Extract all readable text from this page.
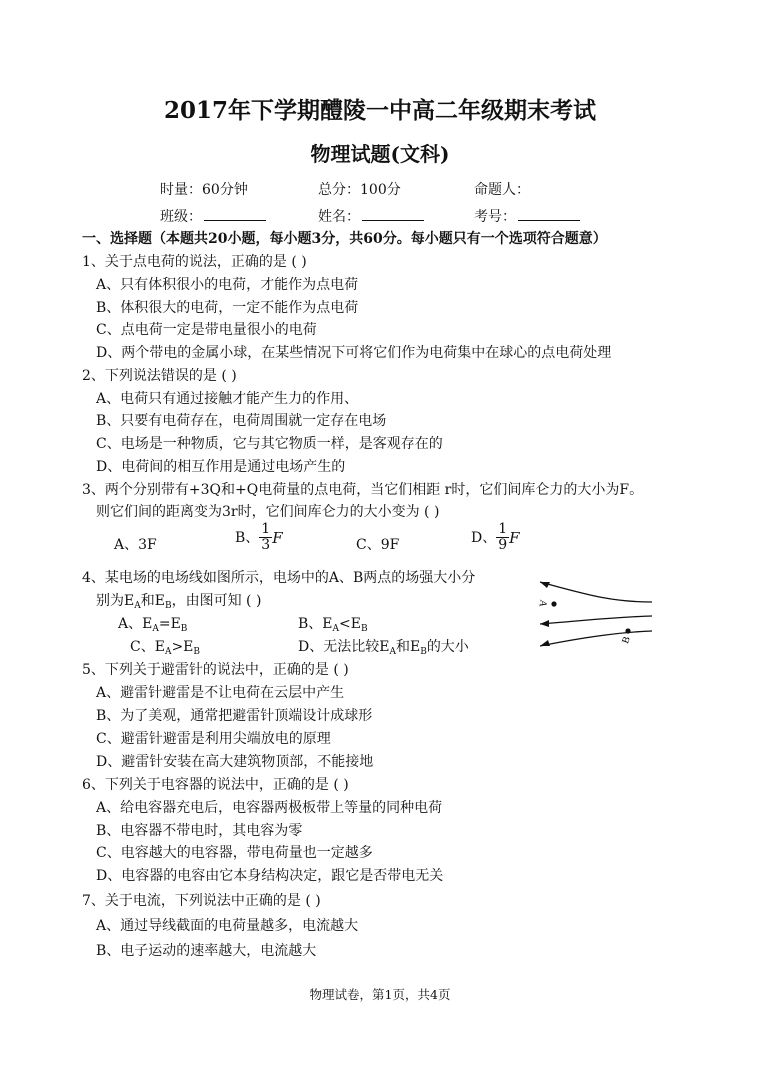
2017年下学期醴陵一中高二年级期末考试
物理试题(文科)
时量：60分钟	总分：100分	命题人：
班级：	姓名：	考号：
一、选择题（本题共20小题，每小题3分，共60分。每小题只有一个选项符合题意）
1、关于点电荷的说法，正确的是 ( )
A、只有体积很小的电荷，才能作为点电荷
B、体积很大的电荷，一定不能作为点电荷
C、点电荷一定是带电量很小的电荷
D、两个带电的金属小球，在某些情况下可将它们作为电荷集中在球心的点电荷处理
2、下列说法错误的是 ( )
A、电荷只有通过接触才能产生力的作用、
B、只要有电荷存在，电荷周围就一定存在电场
C、电场是一种物质，它与其它物质一样，是客观存在的
D、电荷间的相互作用是通过电场产生的
3、两个分别带有+3Q和+Q电荷量的点电荷，当它们相距 r时，它们间库仑力的大小为F。
则它们间的距离变为3r时，它们间库仑力的大小变为 ( )
A、3F	B、 $\frac{1}{3}$ F	C、9F	D、 $\frac{1}{9}$ F
4、某电场的电场线如图所示，电场中的A、B两点的场强大小分
别为$E_A$和$E_B$，由图可知 ( )
A、$E_A=E_B$	B、$E_A<E_B$
C、$E_A>E_B$	D、无法比较$E_A$和$E_B$的大小
A
B
5、下列关于避雷针的说法中，正确的是 ( )
A、避雷针避雷是不让电荷在云层中产生
B、为了美观，通常把避雷针顶端设计成球形
C、避雷针避雷是利用尖端放电的原理
D、避雷针安装在高大建筑物顶部，不能接地
6、下列关于电容器的说法中，正确的是 ( )
A、给电容器充电后，电容器两极板带上等量的同种电荷
B、电容器不带电时，其电容为零
C、电容越大的电容器，带电荷量也一定越多
D、电容器的电容由它本身结构决定，跟它是否带电无关
7、关于电流，下列说法中正确的是 ( )
A、通过导线截面的电荷量越多，电流越大
B、电子运动的速率越大，电流越大
物理试卷，第1页，共4页
